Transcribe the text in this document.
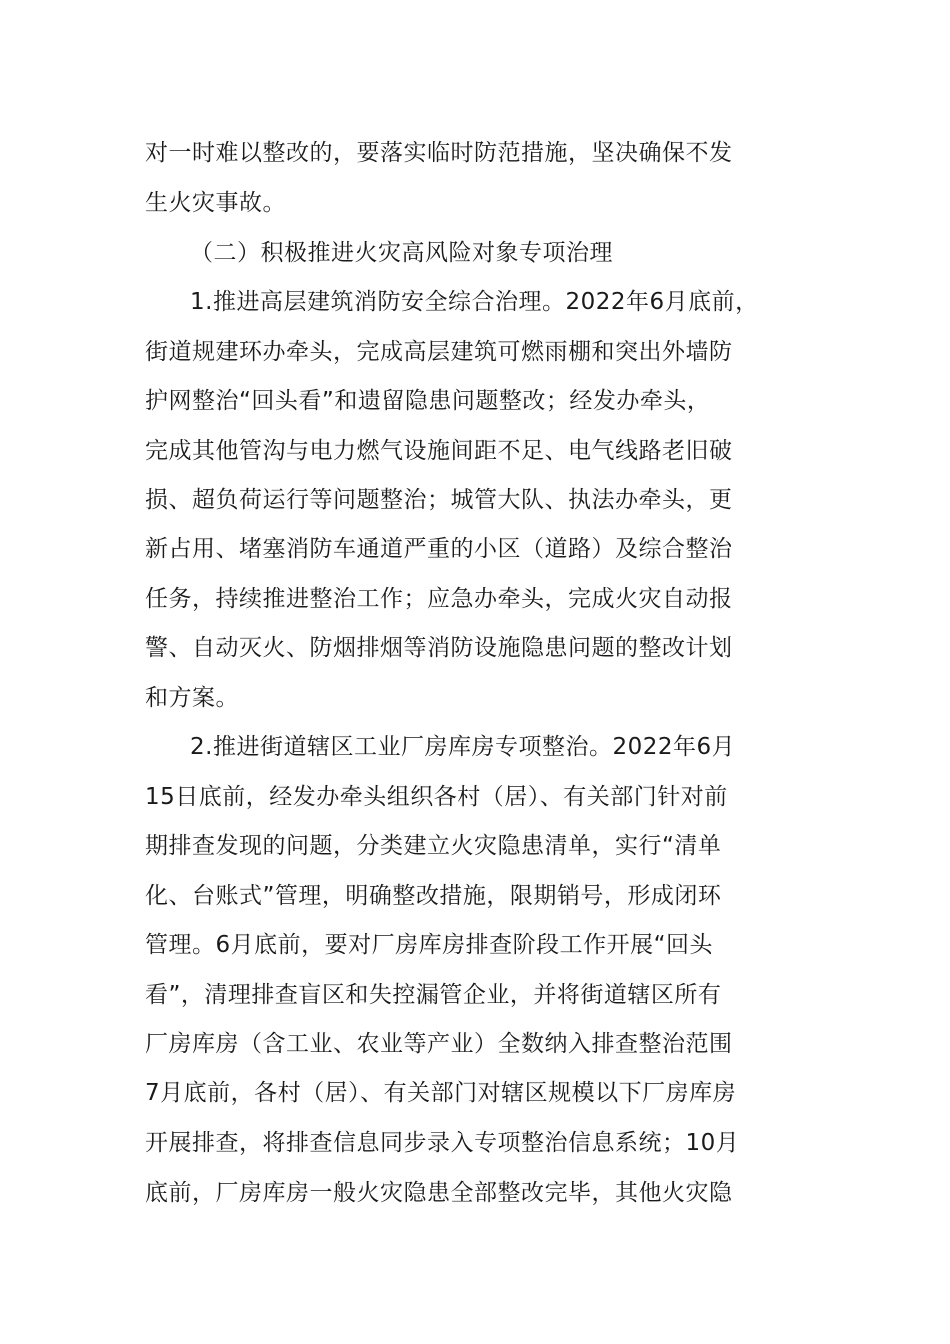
对一时难以整改的，要落实临时防范措施，坚决确保不发
生火灾事故。
（二）积极推进火灾高风险对象专项治理
1.推进高层建筑消防安全综合治理。2022年6月底前，
街道规建环办牵头，完成高层建筑可燃雨棚和突出外墙防
护网整治“回头看”和遗留隐患问题整改；经发办牵头，
完成其他管沟与电力燃气设施间距不足、电气线路老旧破
损、超负荷运行等问题整治；城管大队、执法办牵头，更
新占用、堵塞消防车通道严重的小区（道路）及综合整治
任务，持续推进整治工作；应急办牵头，完成火灾自动报
警、自动灭火、防烟排烟等消防设施隐患问题的整改计划
和方案。
2.推进街道辖区工业厂房库房专项整治。2022年6月
15日底前，经发办牵头组织各村（居）、有关部门针对前
期排查发现的问题，分类建立火灾隐患清单，实行“清单
化、台账式”管理，明确整改措施，限期销号，形成闭环
管理。6月底前，要对厂房库房排查阶段工作开展“回头
看”，清理排查盲区和失控漏管企业，并将街道辖区所有
厂房库房（含工业、农业等产业）全数纳入排查整治范围
7月底前，各村（居）、有关部门对辖区规模以下厂房库房
开展排查，将排查信息同步录入专项整治信息系统；10月
底前，厂房库房一般火灾隐患全部整改完毕，其他火灾隐
